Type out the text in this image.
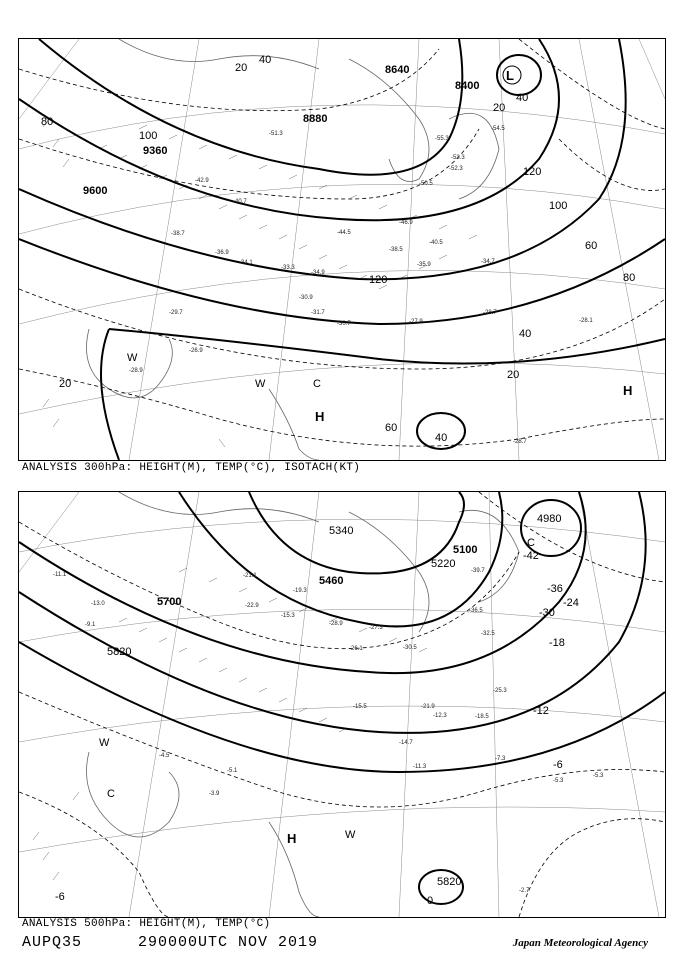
8640
8400
8880
9360
9600
20
40
80
100
120
20
40
60
80
100
120
40
20
20
60
40
-29.7
-30.9
-31.7
-30.7	-27.9
-28.7
-28.1
-26.9
-28.9
-34.1
-34.9
-33.3
-55.3
-53.3
-52.3
-50.5
-54.5
-51.3
-46.9
-44.5
-40.5
-38.5
-35.9	-34.7
-42.9
-40.7
-38.7
-36.9
-28.7
L
H
H
W
W	C
ANALYSIS 300hPa: HEIGHT(M), TEMP(°C), ISOTACH(KT)
4980
5340
5100
5220
5460
5700
5820
5820
-42
-36
-30
-24
-18
-12
-6
0
-6
-39.7
-36.5
-32.5
-30.5
-28.9
-27.3
-26.1
-25.3
-21.9
-18.5
-15.5
-14.7
-12.3
-11.3
-7.3
-5.3
-5.3
-5.1
-2.7
-3.9
-4.5
-9.1
-11.1
-13.0
-15.3
-19.3
-21.1
-22.9
C
C
H
W
W
ANALYSIS 500hPa: HEIGHT(M), TEMP(°C)
AUPQ35	290000UTC NOV 2019	Japan Meteorological Agency
